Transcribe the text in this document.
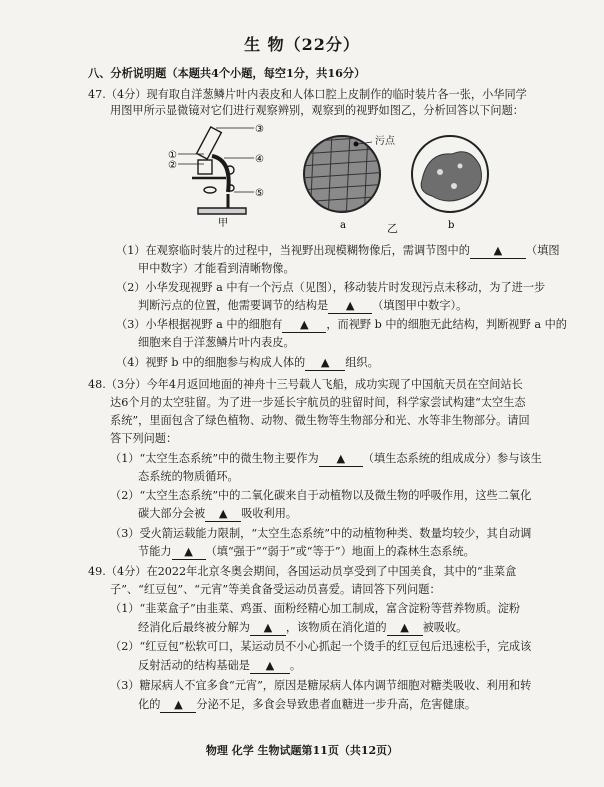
生 物（22分）
八、分析说明题（本题共4个小题，每空1分，共16分）
47.（4分）现有取自洋葱鳞片叶内表皮和人体口腔上皮制作的临时装片各一张，小华同学
用图甲所示显微镜对它们进行观察辨别，观察到的视野如图乙，分析回答以下问题：
③
①
②
④
⑤
甲	a
污点
b
乙
（1）在观察临时装片的过程中，当视野出现模糊物像后，需调节图中的 ▲ （填图
甲中数字）才能看到清晰物像。
（2）小华发现视野 a 中有一个污点（见图），移动装片时发现污点未移动，为了进一步
判断污点的位置，他需要调节的结构是 ▲ （填图甲中数字）。
（3）小华根据视野 a 中的细胞有 ▲ ，而视野 b 中的细胞无此结构，判断视野 a 中的
细胞来自于洋葱鳞片叶内表皮。
（4）视野 b 中的细胞参与构成人体的 ▲ 组织。
48.（3分）今年4月返回地面的神舟十三号载人飞船，成功实现了中国航天员在空间站长
达6个月的太空驻留。为了进一步延长宇航员的驻留时间，科学家尝试构建“太空生态
系统”，里面包含了绿色植物、动物、微生物等生物部分和光、水等非生物部分。请回
答下列问题：
（1）“太空生态系统”中的微生物主要作为 ▲ （填生态系统的组成成分）参与该生
态系统的物质循环。
（2）“太空生态系统”中的二氧化碳来自于动植物以及微生物的呼吸作用，这些二氧化
碳大部分会被 ▲ 吸收利用。
（3）受火箭运载能力限制，“太空生态系统”中的动植物种类、数量均较少，其自动调
节能力 ▲ （填“强于”“弱于”或“等于”）地面上的森林生态系统。
49.（4分）在2022年北京冬奥会期间，各国运动员享受到了中国美食，其中的“韭菜盒
子”、“红豆包”、“元宵”等美食备受运动员喜爱。请回答下列问题：
（1）“韭菜盒子”由韭菜、鸡蛋、面粉经精心加工制成，富含淀粉等营养物质。淀粉
经消化后最终被分解为 ▲ ，该物质在消化道的 ▲ 被吸收。
（2）“红豆包”松软可口，某运动员不小心抓起一个烫手的红豆包后迅速松手，完成该
反射活动的结构基础是 ▲ 。
（3）糖尿病人不宜多食“元宵”，原因是糖尿病人体内调节细胞对糖类吸收、利用和转
化的 ▲ 分泌不足，多食会导致患者血糖进一步升高，危害健康。
物理 化学 生物试题第11页（共12页）
